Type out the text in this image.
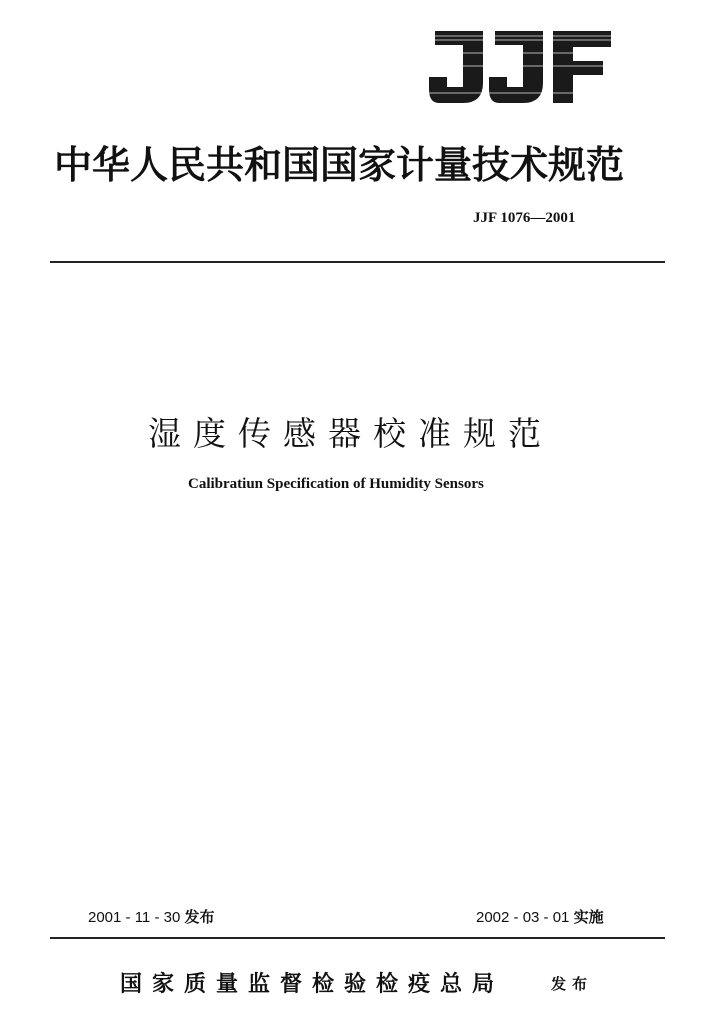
中华人民共和国国家计量技术规范
JJF 1076—2001
湿度传感器校准规范
Calibratiun Specification of Humidity Sensors
2001 - 11 - 30 发布	2002 - 03 - 01 实施
国家质量监督检验检疫总局	发布
